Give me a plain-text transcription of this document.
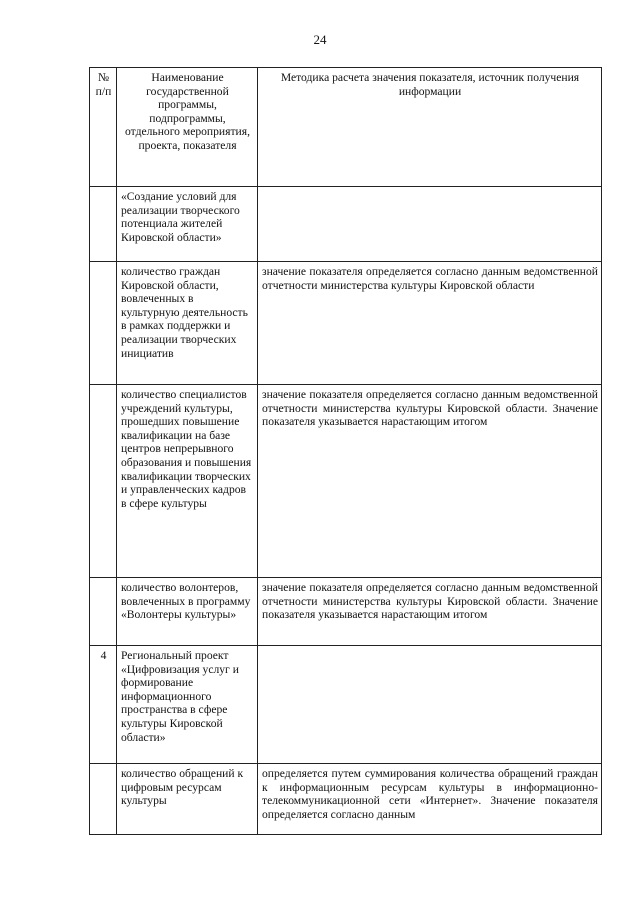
24
№ п/п	Наименование государственной программы, подпрограммы, отдельного мероприятия, проекта, показателя	Методика расчета значения показателя, источник получения информации
	«Создание условий для реализации творческого потенциала жителей Кировской области»	
	количество граждан Кировской области, вовлеченных в культурную деятельность в рамках поддержки и реализации творческих инициатив	значение показателя определяется согласно данным ведомственной отчетности министерства культуры Кировской области
	количество специалистов учреждений культуры, прошедших повышение квалификации на базе центров непрерывного образования и повышения квалификации творческих и управленческих кадров в сфере культуры	значение показателя определяется согласно данным ведомственной отчетности министерства культуры Кировской области. Значение показателя указывается нарастающим итогом
	количество волонтеров, вовлеченных в программу «Волонтеры культуры»	значение показателя определяется согласно данным ведомственной отчетности министерства культуры Кировской области. Значение показателя указывается нарастающим итогом
4	Региональный проект «Цифровизация услуг и формирование информационного пространства в сфере культуры Кировской области»	
	количество обращений к цифровым ресурсам культуры	определяется путем суммирования количества обращений граждан к информационным ресурсам культуры в информационно-телекоммуникационной сети «Интернет». Значение показателя определяется согласно данным
